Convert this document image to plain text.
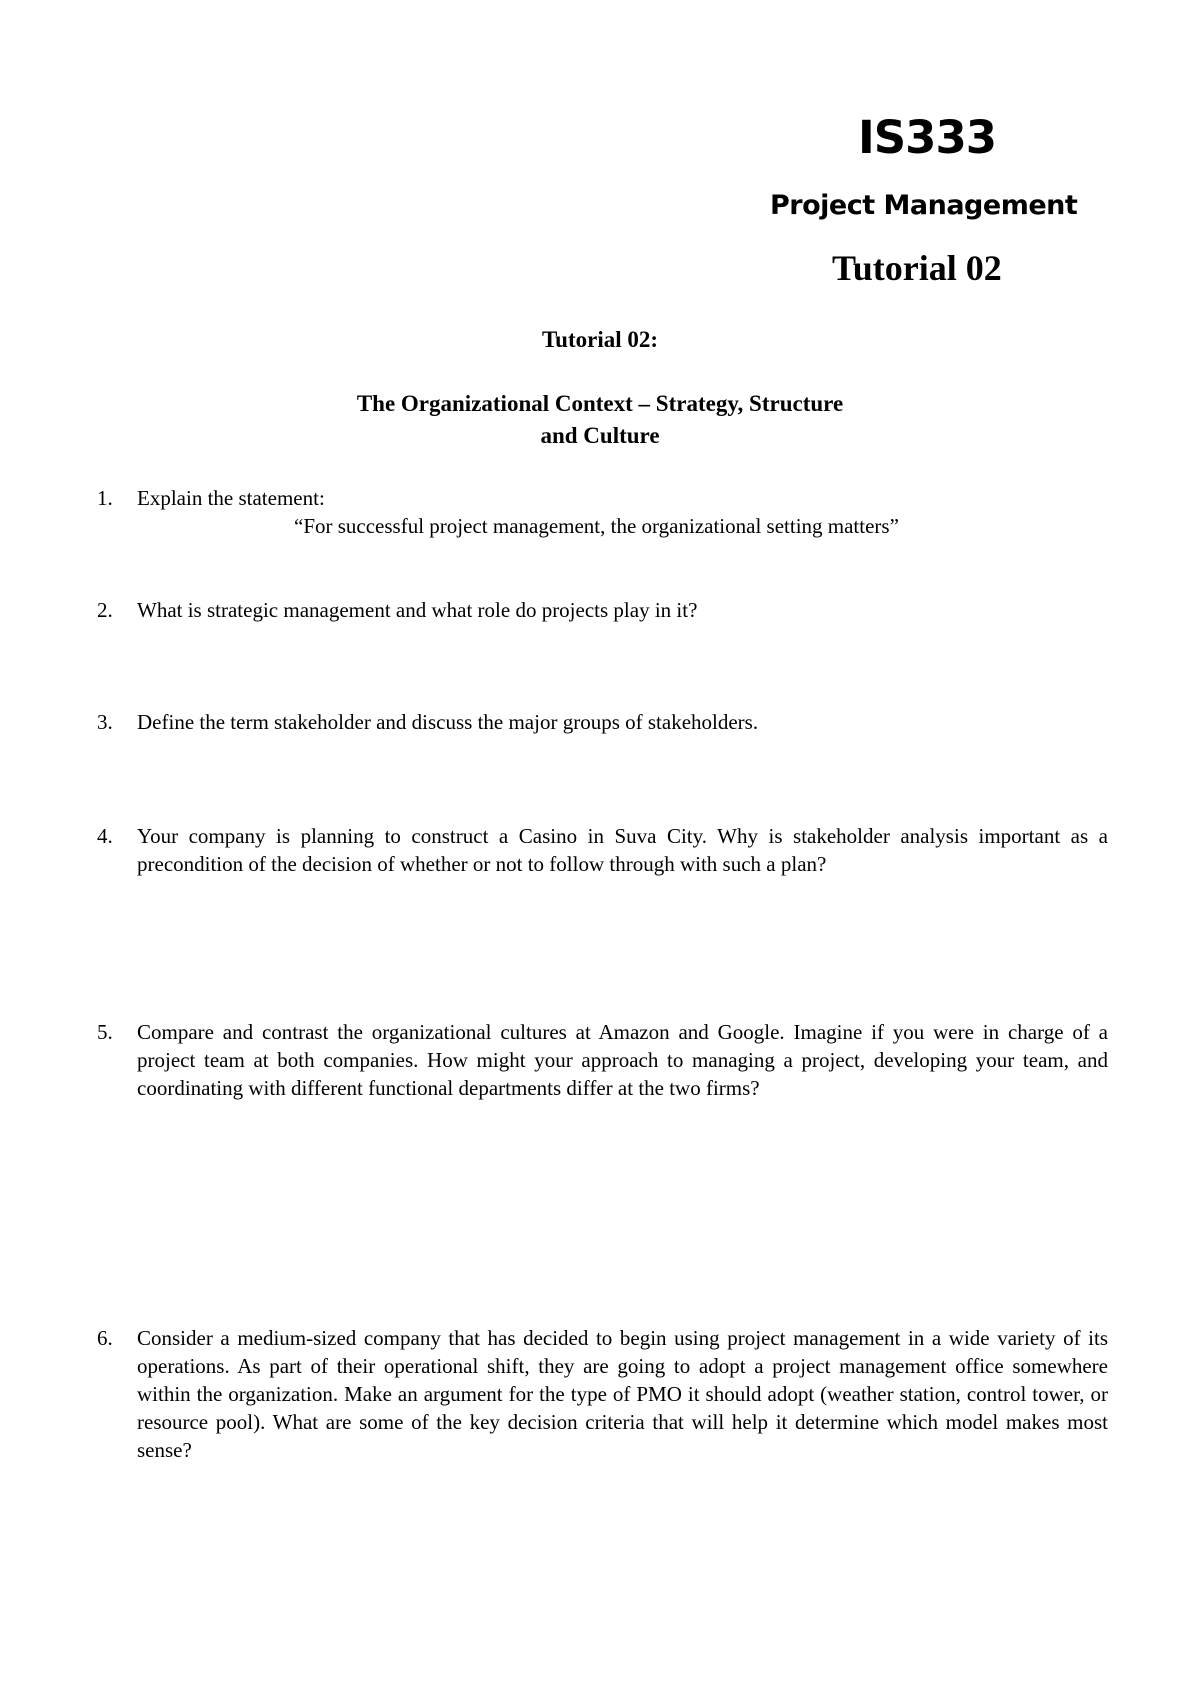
IS333
Project Management
Tutorial 02
Tutorial 02:
The Organizational Context – Strategy, Structure
and Culture
1.	Explain the statement:
“For successful project management, the organizational setting matters”
2.	What is strategic management and what role do projects play in it?
3.	Define the term stakeholder and discuss the major groups of stakeholders.
4.	Your company is planning to construct a Casino in Suva City. Why is stakeholder analysis important as a precondition of the decision of whether or not to follow through with such a plan?
5.	Compare and contrast the organizational cultures at Amazon and Google. Imagine if you were in charge of a project team at both companies. How might your approach to managing a project, developing your team, and coordinating with different functional departments differ at the two firms?
6.	Consider a medium-sized company that has decided to begin using project management in a wide variety of its operations. As part of their operational shift, they are going to adopt a project management office somewhere within the organization. Make an argument for the type of PMO it should adopt (weather station, control tower, or resource pool). What are some of the key decision criteria that will help it determine which model makes most sense?
